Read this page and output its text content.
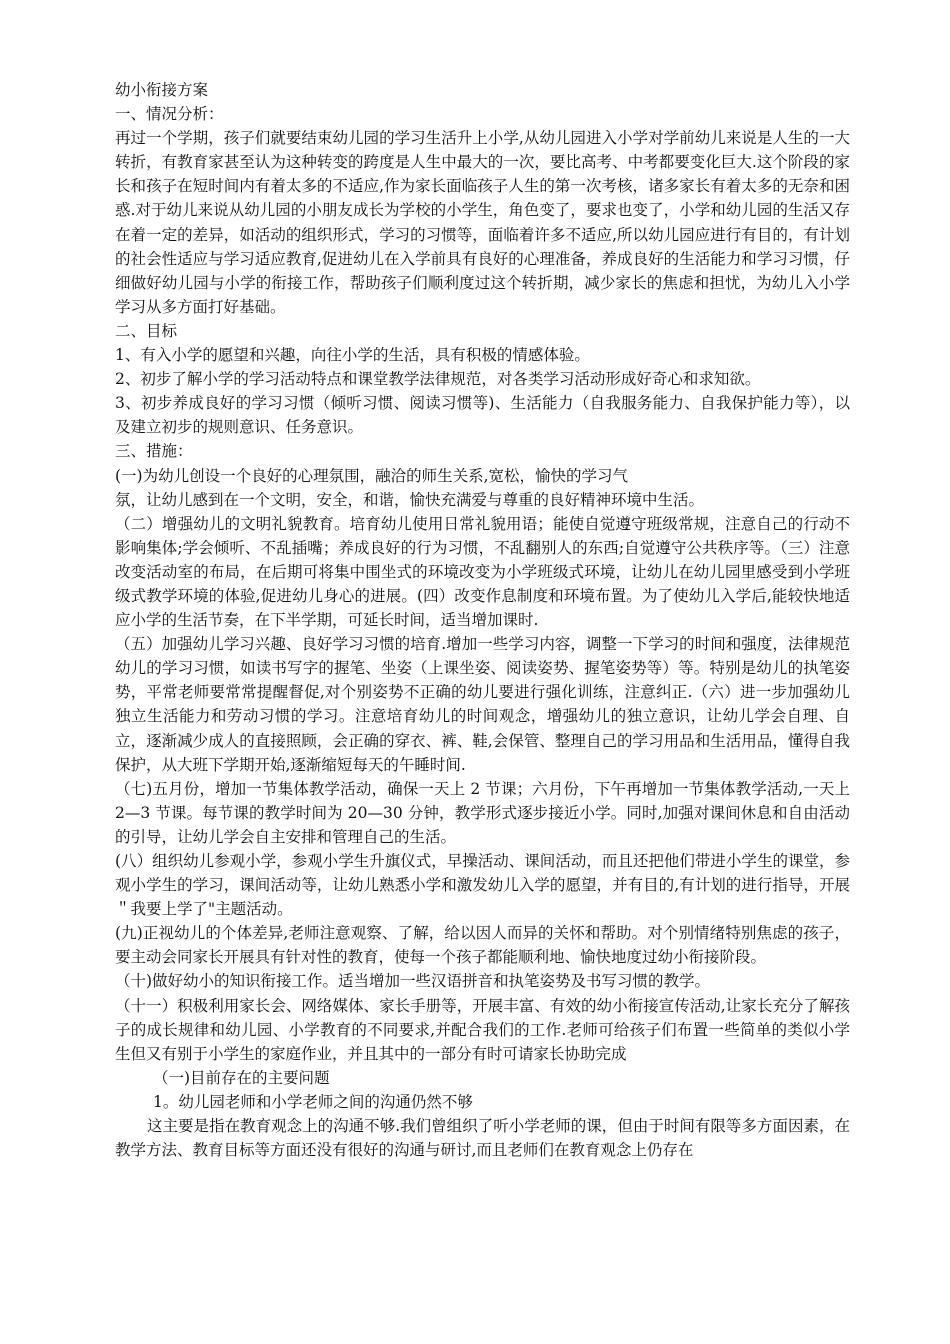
幼小衔接方案

一、情况分析：

再过一个学期，孩子们就要结束幼儿园的学习生活升上小学,从幼儿园进入小学对学前幼儿来说是人生的一大转折，有教育家甚至认为这种转变的跨度是人生中最大的一次，要比高考、中考都要变化巨大.这个阶段的家长和孩子在短时间内有着太多的不适应,作为家长面临孩子人生的第一次考核，诸多家长有着太多的无奈和困惑.对于幼儿来说从幼儿园的小朋友成长为学校的小学生，角色变了，要求也变了，小学和幼儿园的生活又存在着一定的差异，如活动的组织形式，学习的习惯等，面临着许多不适应,所以幼儿园应进行有目的，有计划的社会性适应与学习适应教育,促进幼儿在入学前具有良好的心理准备，养成良好的生活能力和学习习惯，仔细做好幼儿园与小学的衔接工作，帮助孩子们顺利度过这个转折期，减少家长的焦虑和担忧，为幼儿入小学学习从多方面打好基础。

二、目标

1、有入小学的愿望和兴趣，向往小学的生活，具有积极的情感体验。

2、初步了解小学的学习活动特点和课堂教学法律规范，对各类学习活动形成好奇心和求知欲。

3、初步养成良好的学习习惯（倾听习惯、阅读习惯等)、生活能力（自我服务能力、自我保护能力等），以及建立初步的规则意识、任务意识。

三、措施：

(一)为幼儿创设一个良好的心理氛围，融洽的师生关系,宽松，愉快的学习气

氛，让幼儿感到在一个文明，安全，和谐，愉快充满爱与尊重的良好精神环境中生活。

（二）增强幼儿的文明礼貌教育。培育幼儿使用日常礼貌用语；能使自觉遵守班级常规，注意自己的行动不影响集体;学会倾听、不乱插嘴；养成良好的行为习惯，不乱翻别人的东西;自觉遵守公共秩序等。（三）注意改变活动室的布局，在后期可将集中围坐式的环境改变为小学班级式环境，让幼儿在幼儿园里感受到小学班级式教学环境的体验,促进幼儿身心的进展。(四）改变作息制度和环境布置。为了使幼儿入学后,能较快地适应小学的生活节奏，在下半学期，可延长时间，适当增加课时.

（五）加强幼儿学习兴趣、良好学习习惯的培育.增加一些学习内容，调整一下学习的时间和强度，法律规范幼儿的学习习惯，如读书写字的握笔、坐姿（上课坐姿、阅读姿势、握笔姿势等）等。特别是幼儿的执笔姿势，平常老师要常常提醒督促,对个别姿势不正确的幼儿要进行强化训练，注意纠正.（六）进一步加强幼儿独立生活能力和劳动习惯的学习。注意培育幼儿的时间观念，增强幼儿的独立意识，让幼儿学会自理、自立，逐渐减少成人的直接照顾，会正确的穿衣、裤、鞋,会保管、整理自己的学习用品和生活用品，懂得自我保护，从大班下学期开始,逐渐缩短每天的午睡时间.

（七)五月份，增加一节集体教学活动，确保一天上 2 节课；六月份，下午再增加一节集体教学活动,一天上 2—3 节课。每节课的教学时间为 20—30 分钟，教学形式逐步接近小学。同时,加强对课间休息和自由活动的引导，让幼儿学会自主安排和管理自己的生活。

(八）组织幼儿参观小学，参观小学生升旗仪式，早操活动、课间活动，而且还把他们带进小学生的课堂，参观小学生的学习，课间活动等，让幼儿熟悉小学和激发幼儿入学的愿望，并有目的,有计划的进行指导，开展＂我要上学了"主题活动。

(九)正视幼儿的个体差异,老师注意观察、了解，给以因人而异的关怀和帮助。对个别情绪特别焦虑的孩子，要主动会同家长开展具有针对性的教育，使每一个孩子都能顺利地、愉快地度过幼小衔接阶段。

（十)做好幼小的知识衔接工作。适当增加一些汉语拼音和执笔姿势及书写习惯的教学。

（十一）积极利用家长会、网络媒体、家长手册等，开展丰富、有效的幼小衔接宣传活动,让家长充分了解孩子的成长规律和幼儿园、小学教育的不同要求,并配合我们的工作.老师可给孩子们布置一些简单的类似小学生但又有别于小学生的家庭作业，并且其中的一部分有时可请家长协助完成

（一)目前存在的主要问题

1。幼儿园老师和小学老师之间的沟通仍然不够

这主要是指在教育观念上的沟通不够.我们曾组织了听小学老师的课，但由于时间有限等多方面因素，在教学方法、教育目标等方面还没有很好的沟通与研讨,而且老师们在教育观念上仍存在
